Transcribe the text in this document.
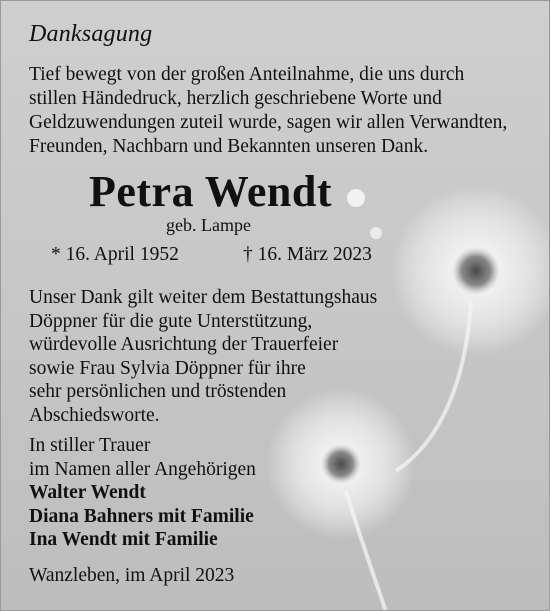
Danksagung
Tief bewegt von der großen Anteilnahme, die uns durch
stillen Händedruck, herzlich geschriebene Worte und
Geldzuwendungen zuteil wurde, sagen wir allen Verwandten,
Freunden, Nachbarn und Bekannten unseren Dank.
Petra Wendt
geb. Lampe
* 16. April 1952	† 16. März 2023
Unser Dank gilt weiter dem Bestattungshaus
Döppner für die gute Unterstützung,
würdevolle Ausrichtung der Trauerfeier
sowie Frau Sylvia Döppner für ihre
sehr persönlichen und tröstenden
Abschiedsworte.
In stiller Trauer
im Namen aller Angehörigen
Walter Wendt
Diana Bahners mit Familie
Ina Wendt mit Familie
Wanzleben, im April 2023
